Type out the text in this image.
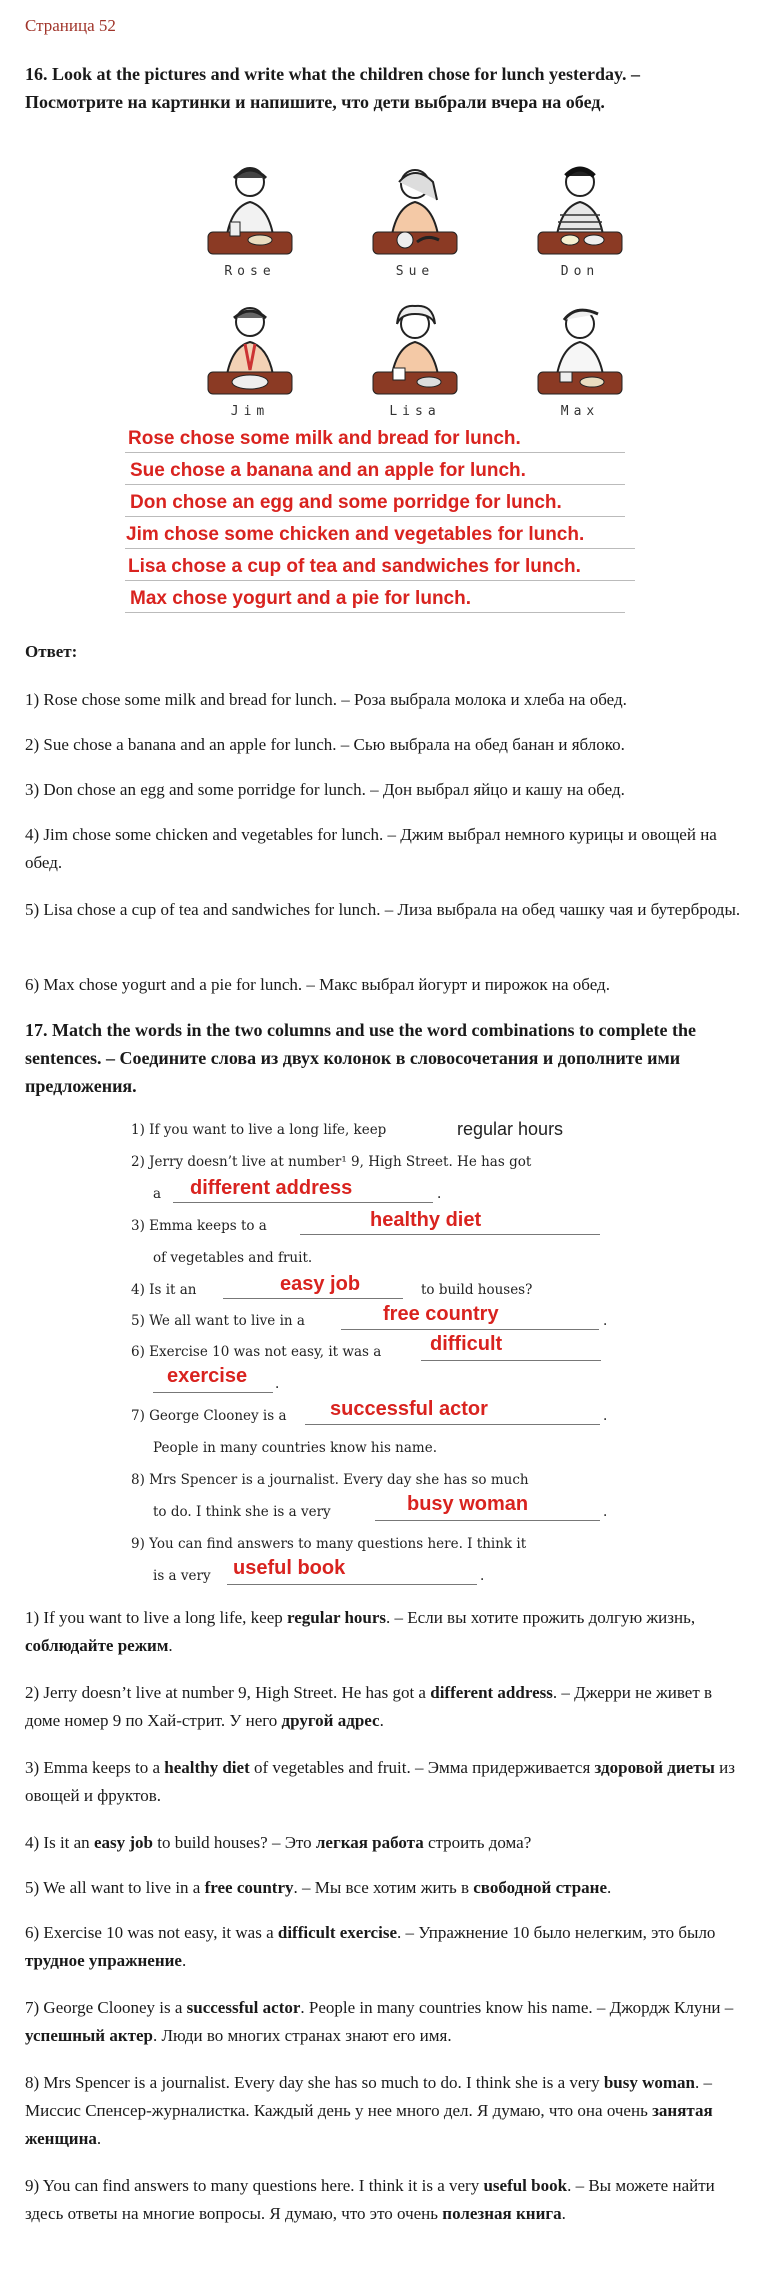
Страница 52
16. Look at the pictures and write what the children chose for lunch yesterday. – Посмотрите на картинки и напишите, что дети выбрали вчера на обед.
Rose	Sue	Don
Jim	Lisa	Max
Rose chose some milk and bread for lunch.
Sue chose a banana and an apple for lunch.
Don chose an egg and some porridge for lunch.
Jim chose some chicken and vegetables for lunch.
Lisa chose a cup of tea and sandwiches for lunch.
Max chose yogurt and a pie for lunch.
Ответ:
1) Rose chose some milk and bread for lunch. – Роза выбрала молока и хлеба на обед.
2) Sue chose a banana and an apple for lunch. – Сью выбрала на обед банан и яблоко.
3) Don chose an egg and some porridge for lunch. – Дон выбрал яйцо и кашу на обед.
4) Jim chose some chicken and vegetables for lunch. – Джим выбрал немного курицы и овощей на обед.
5) Lisa chose a cup of tea and sandwiches for lunch. – Лиза выбрала на обед чашку чая и бутерброды.
6) Max chose yogurt and a pie for lunch. – Макс выбрал йогурт и пирожок на обед.
17. Match the words in the two columns and use the word combinations to complete the sentences. – Соедините слова из двух колонок в словосочетания и дополните ими предложения.
1) If you want to live a long life, keep	regular hours
2) Jerry doesn’t live at number¹ 9, High Street. He has got
a	.
different address
3) Emma keeps to a	healthy diet
of vegetables and fruit.
4) Is it an	easy job	to build houses?
5) We all want to live in a	.
free country
6) Exercise 10 was not easy, it was a difficult
.
exercise
7) George Clooney is a	.
successful actor
People in many countries know his name.
8) Mrs Spencer is a journalist. Every day she has so much
to do. I think she is a very	.
busy woman
9) You can find answers to many questions here. I think it
is a very	.
useful book
1) If you want to live a long life, keep regular hours. – Если вы хотите прожить долгую жизнь, соблюдайте режим.
2) Jerry doesn’t live at number 9, High Street. He has got a different address. – Джерри не живет в доме номер 9 по Хай-стрит. У него другой адрес.
3) Emma keeps to a healthy diet of vegetables and fruit. – Эмма придерживается здоровой диеты из овощей и фруктов.
4) Is it an easy job to build houses? – Это легкая работа строить дома?
5) We all want to live in a free country. – Мы все хотим жить в свободной стране.
6) Exercise 10 was not easy, it was a difficult exercise. – Упражнение 10 было нелегким, это было трудное упражнение.
7) George Clooney is a successful actor. People in many countries know his name. – Джордж Клуни – успешный актер. Люди во многих странах знают его имя.
8) Mrs Spencer is a journalist. Every day she has so much to do. I think she is a very busy woman. – Миссис Спенсер-журналистка. Каждый день у нее много дел. Я думаю, что она очень занятая женщина.
9) You can find answers to many questions here. I think it is a very useful book. – Вы можете найти здесь ответы на многие вопросы. Я думаю, что это очень полезная книга.
